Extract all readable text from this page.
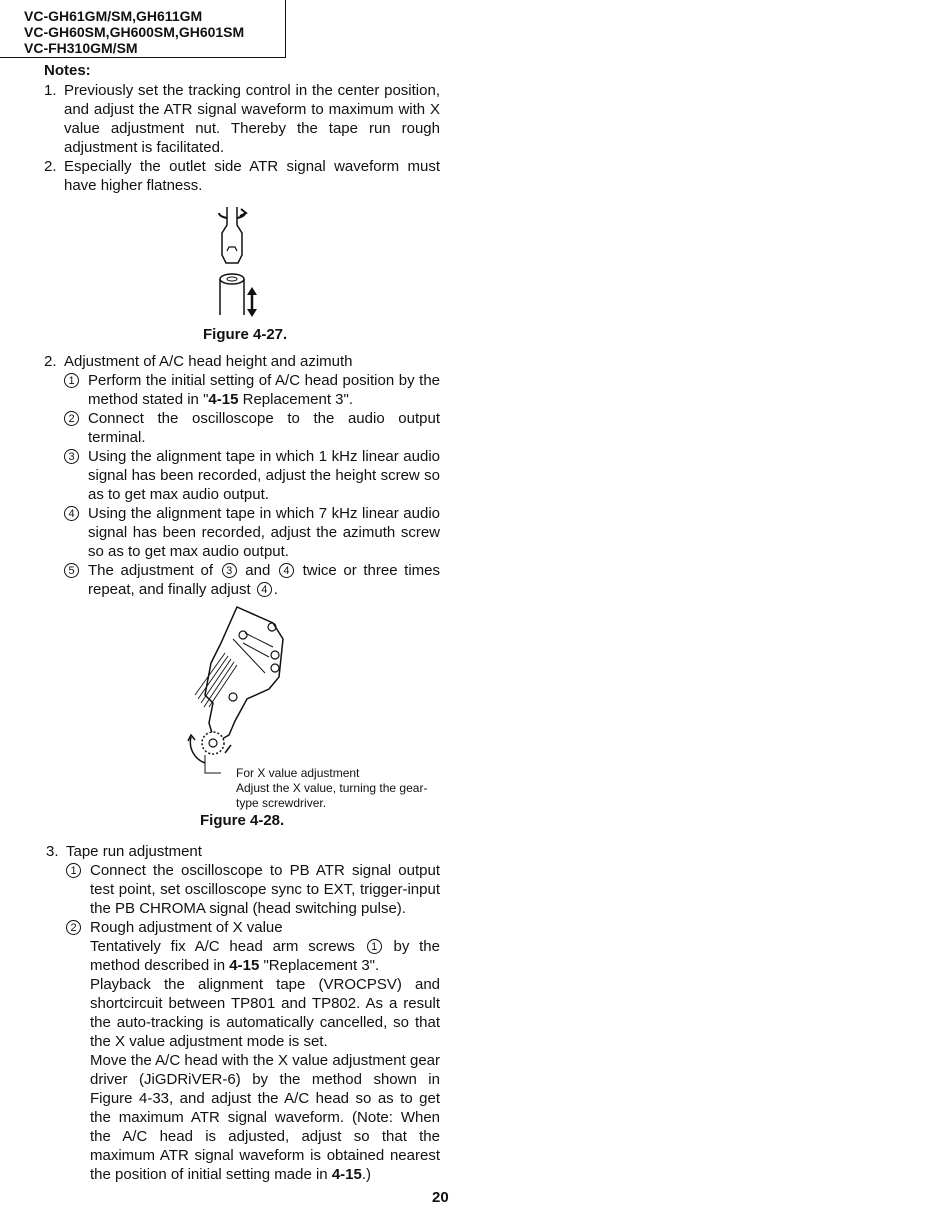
VC-GH61GM/SM,GH611GM
VC-GH60SM,GH600SM,GH601SM
VC-FH310GM/SM
Notes:
1. Previously set the tracking control in the center position, and adjust the ATR signal waveform to maximum with X value adjustment nut. Thereby the tape run rough adjustment is facilitated.
2. Especially the outlet side ATR signal waveform must have higher flatness.
Figure 4-27.
2. Adjustment of A/C head height and azimuth
1 Perform the initial setting of A/C head position by the method stated in "4-15 Replacement 3".
2 Connect the oscilloscope to the audio output terminal.
3 Using the alignment tape in which 1 kHz linear audio signal has been recorded, adjust the height screw so as to get max audio output.
4 Using the alignment tape in which 7 kHz linear audio signal has been recorded, adjust the azimuth screw so as to get max audio output.
5 The adjustment of 3 and 4 twice or three times repeat, and finally adjust 4 .
For X value adjustment
Adjust the X value, turning the gear-type screwdriver.
Figure 4-28.
3. Tape run adjustment
1 Connect the oscilloscope to PB ATR signal output test point, set oscilloscope sync to EXT, trigger-input the PB CHROMA signal (head switching pulse).
2 Rough adjustment of X value
Tentatively fix A/C head arm screws 1 by the method described in 4-15 "Replacement 3".
Playback the alignment tape (VROCPSV) and shortcircuit between TP801 and TP802. As a result the auto-tracking is automatically cancelled, so that the X value adjustment mode is set.
Move the A/C head with the X value adjustment gear driver (JiGDRiVER-6) by the method shown in Figure 4-33, and adjust the A/C head so as to get the maximum ATR signal waveform. (Note: When the A/C head is adjusted, adjust so that the maximum ATR signal waveform is obtained nearest the position of initial setting made in 4-15.)
20
